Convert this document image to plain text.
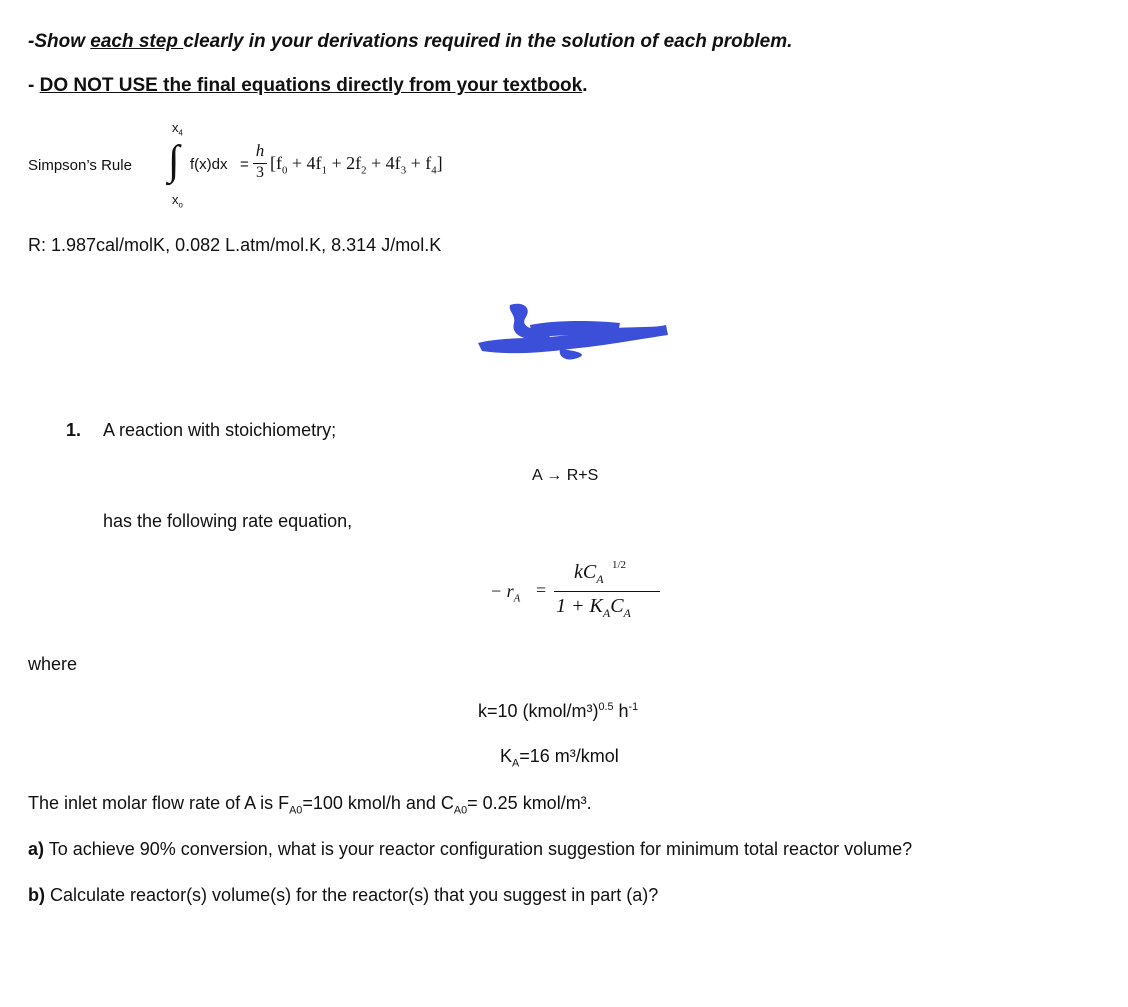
-Show each step clearly in your derivations required in the solution of each problem.
- DO NOT USE the final equations directly from your textbook.
Simpson’s Rule
$x_4$
∫
$x_o$
f(x)dx =
h
3 $[f_0 + 4f_1 + 2f_2 + 4f_3 + f_4]$
R: 1.987cal/molK, 0.082 L.atm/mol.K, 8.314 J/mol.K
1. A reaction with stoichiometry;
A → R+S
has the following rate equation,
− $r_A$ =
$kC_A$
1/2
$1 + K_AC_A$
where
k=10 (kmol/m³)$^{0.5}$ $h^{-1}$
$K_A=16$ m³/kmol
The inlet molar flow rate of A is $F_{A0}=100$ kmol/h and $C_{A0}= 0.25$ kmol/m³.
a) To achieve 90% conversion, what is your reactor configuration suggestion for minimum total reactor volume?
b) Calculate reactor(s) volume(s) for the reactor(s) that you suggest in part (a)?
